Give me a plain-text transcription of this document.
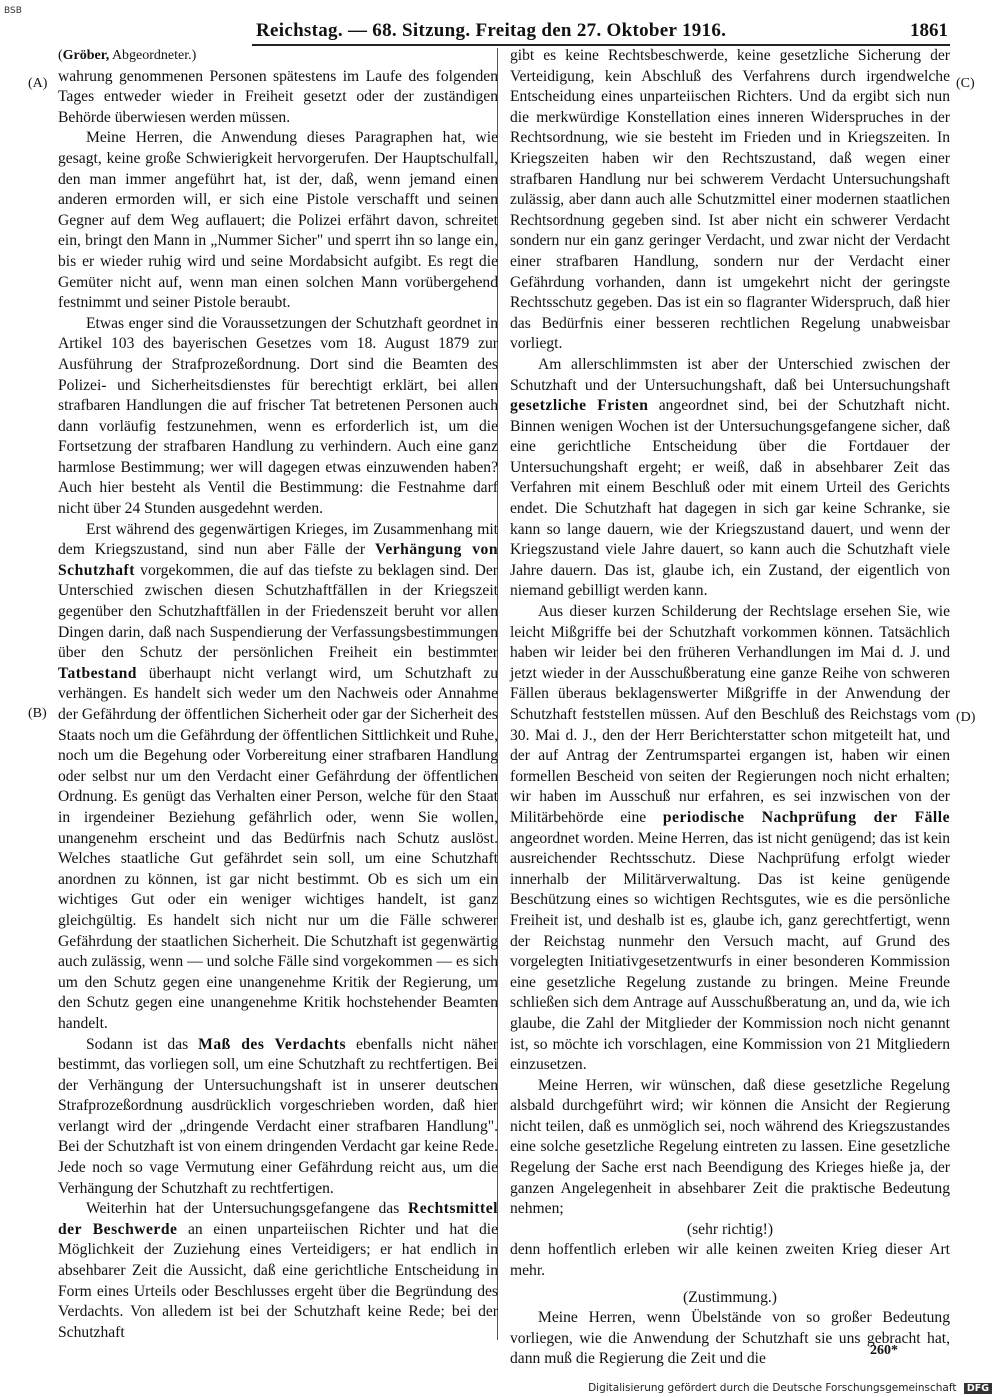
BSB
Reichstag. — 68. Sitzung. Freitag den 27. Oktober 1916.	1861
(A)
(B)
(C)
(D)
(Gröber, Abgeordneter.)

wahrung genommenen Personen spätestens im Laufe des folgenden Tages entweder wieder in Freiheit gesetzt oder der zuständigen Behörde überwiesen werden müssen.

Meine Herren, die Anwendung dieses Paragraphen hat, wie gesagt, keine große Schwierigkeit hervorgerufen. Der Hauptschulfall, den man immer angeführt hat, ist der, daß, wenn jemand einen anderen ermorden will, er sich eine Pistole verschafft und seinen Gegner auf dem Weg auflauert; die Polizei erfährt davon, schreitet ein, bringt den Mann in „Nummer Sicher" und sperrt ihn so lange ein, bis er wieder ruhig wird und seine Mordabsicht aufgibt. Es regt die Gemüter nicht auf, wenn man einen solchen Mann vorübergehend festnimmt und seiner Pistole beraubt.

Etwas enger sind die Voraussetzungen der Schutzhaft geordnet in Artikel 103 des bayerischen Gesetzes vom 18. August 1879 zur Ausführung der Strafprozeßordnung. Dort sind die Beamten des Polizei- und Sicherheitsdienstes für berechtigt erklärt, bei allen strafbaren Handlungen die auf frischer Tat betretenen Personen auch dann vorläufig festzunehmen, wenn es erforderlich ist, um die Fortsetzung der strafbaren Handlung zu verhindern. Auch eine ganz harmlose Bestimmung; wer will dagegen etwas einzuwenden haben? Auch hier besteht als Ventil die Bestimmung: die Festnahme darf nicht über 24 Stunden ausgedehnt werden.

Erst während des gegenwärtigen Krieges, im Zusammenhang mit dem Kriegszustand, sind nun aber Fälle der Verhängung von Schutzhaft vorgekommen, die auf das tiefste zu beklagen sind. Der Unterschied zwischen diesen Schutzhaftfällen in der Kriegszeit gegenüber den Schutzhaftfällen in der Friedenszeit beruht vor allen Dingen darin, daß nach Suspendierung der Verfassungsbestimmungen über den Schutz der persönlichen Freiheit ein bestimmter Tatbestand überhaupt nicht verlangt wird, um Schutzhaft zu verhängen. Es handelt sich weder um den Nachweis oder Annahme der Gefährdung der öffentlichen Sicherheit oder gar der Sicherheit des Staats noch um die Gefährdung der öffentlichen Sittlichkeit und Ruhe, noch um die Begehung oder Vorbereitung einer strafbaren Handlung oder selbst nur um den Verdacht einer Gefährdung der öffentlichen Ordnung. Es genügt das Verhalten einer Person, welche für den Staat in irgendeiner Beziehung gefährlich oder, wenn Sie wollen, unangenehm erscheint und das Bedürfnis nach Schutz auslöst. Welches staatliche Gut gefährdet sein soll, um eine Schutzhaft anordnen zu können, ist gar nicht bestimmt. Ob es sich um ein wichtiges Gut oder ein weniger wichtiges handelt, ist ganz gleichgültig. Es handelt sich nicht nur um die Fälle schwerer Gefährdung der staatlichen Sicherheit. Die Schutzhaft ist gegenwärtig auch zulässig, wenn — und solche Fälle sind vorgekommen — es sich um den Schutz gegen eine unangenehme Kritik der Regierung, um den Schutz gegen eine unangenehme Kritik hochstehender Beamten handelt.

Sodann ist das Maß des Verdachts ebenfalls nicht näher bestimmt, das vorliegen soll, um eine Schutzhaft zu rechtfertigen. Bei der Verhängung der Untersuchungshaft ist in unserer deutschen Strafprozeßordnung ausdrücklich vorgeschrieben worden, daß hier verlangt wird der „dringende Verdacht einer strafbaren Handlung". Bei der Schutzhaft ist von einem dringenden Verdacht gar keine Rede. Jede noch so vage Vermutung einer Gefährdung reicht aus, um die Verhängung der Schutzhaft zu rechtfertigen.

Weiterhin hat der Untersuchungsgefangene das Rechtsmittel der Beschwerde an einen unparteiischen Richter und hat die Möglichkeit der Zuziehung eines Verteidigers; er hat endlich in absehbarer Zeit die Aussicht, daß eine gerichtliche Entscheidung in Form eines Urteils oder Beschlusses ergeht über die Begründung des Verdachts. Von alledem ist bei der Schutzhaft keine Rede; bei der Schutzhaft

gibt es keine Rechtsbeschwerde, keine gesetzliche Sicherung der Verteidigung, kein Abschluß des Verfahrens durch irgendwelche Entscheidung eines unparteiischen Richters. Und da ergibt sich nun die merkwürdige Konstellation eines inneren Widerspruches in der Rechtsordnung, wie sie besteht im Frieden und in Kriegszeiten. In Kriegszeiten haben wir den Rechtszustand, daß wegen einer strafbaren Handlung nur bei schwerem Verdacht Untersuchungshaft zulässig, aber dann auch alle Schutzmittel einer modernen staatlichen Rechtsordnung gegeben sind. Ist aber nicht ein schwerer Verdacht sondern nur ein ganz geringer Verdacht, und zwar nicht der Verdacht einer strafbaren Handlung, sondern nur der Verdacht einer Gefährdung vorhanden, dann ist umgekehrt nicht der geringste Rechtsschutz gegeben. Das ist ein so flagranter Widerspruch, daß hier das Bedürfnis einer besseren rechtlichen Regelung unabweisbar vorliegt.

Am allerschlimmsten ist aber der Unterschied zwischen der Schutzhaft und der Untersuchungshaft, daß bei Untersuchungshaft gesetzliche Fristen angeordnet sind, bei der Schutzhaft nicht. Binnen wenigen Wochen ist der Untersuchungsgefangene sicher, daß eine gerichtliche Entscheidung über die Fortdauer der Untersuchungshaft ergeht; er weiß, daß in absehbarer Zeit das Verfahren mit einem Beschluß oder mit einem Urteil des Gerichts endet. Die Schutzhaft hat dagegen in sich gar keine Schranke, sie kann so lange dauern, wie der Kriegszustand dauert, und wenn der Kriegszustand viele Jahre dauert, so kann auch die Schutzhaft viele Jahre dauern. Das ist, glaube ich, ein Zustand, der eigentlich von niemand gebilligt werden kann.

Aus dieser kurzen Schilderung der Rechtslage ersehen Sie, wie leicht Mißgriffe bei der Schutzhaft vorkommen können. Tatsächlich haben wir leider bei den früheren Verhandlungen im Mai d. J. und jetzt wieder in der Ausschußberatung eine ganze Reihe von schweren Fällen überaus beklagenswerter Mißgriffe in der Anwendung der Schutzhaft feststellen müssen. Auf den Beschluß des Reichstags vom 30. Mai d. J., den der Herr Berichterstatter schon mitgeteilt hat, und der auf Antrag der Zentrumspartei ergangen ist, haben wir einen formellen Bescheid von seiten der Regierungen noch nicht erhalten; wir haben im Ausschuß nur erfahren, es sei inzwischen von der Militärbehörde eine periodische Nachprüfung der Fälle angeordnet worden. Meine Herren, das ist nicht genügend; das ist kein ausreichender Rechtsschutz. Diese Nachprüfung erfolgt wieder innerhalb der Militärverwaltung. Das ist keine genügende Beschützung eines so wichtigen Rechtsgutes, wie es die persönliche Freiheit ist, und deshalb ist es, glaube ich, ganz gerechtfertigt, wenn der Reichstag nunmehr den Versuch macht, auf Grund des vorgelegten Initiativgesetzentwurfs in einer besonderen Kommission eine gesetzliche Regelung zustande zu bringen. Meine Freunde schließen sich dem Antrage auf Ausschußberatung an, und da, wie ich glaube, die Zahl der Mitglieder der Kommission noch nicht genannt ist, so möchte ich vorschlagen, eine Kommission von 21 Mitgliedern einzusetzen.

Meine Herren, wir wünschen, daß diese gesetzliche Regelung alsbald durchgeführt wird; wir können die Ansicht der Regierung nicht teilen, daß es unmöglich sei, noch während des Kriegszustandes eine solche gesetzliche Regelung eintreten zu lassen. Eine gesetzliche Regelung der Sache erst nach Beendigung des Krieges hieße ja, der ganzen Angelegenheit in absehbarer Zeit die praktische Bedeutung nehmen;

(sehr richtig!)

denn hoffentlich erleben wir alle keinen zweiten Krieg dieser Art mehr.

(Zustimmung.)

Meine Herren, wenn Übelstände von so großer Bedeutung vorliegen, wie die Anwendung der Schutzhaft sie uns gebracht hat, dann muß die Regierung die Zeit und die	260*
Digitalisierung gefördert durch die Deutsche Forschungsgemeinschaft DFG
